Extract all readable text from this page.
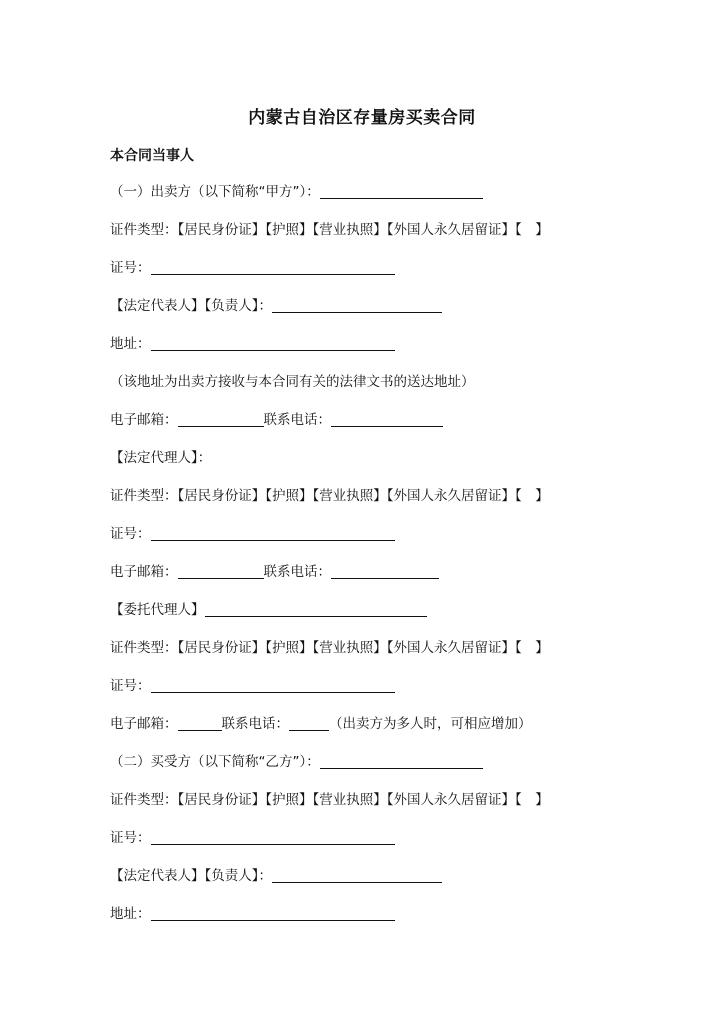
内蒙古自治区存量房买卖合同
本合同当事人
（一）出卖方（以下简称“甲方”）：
证件类型：【居民身份证】【护照】【营业执照】【外国人永久居留证】【　】
证号：
【法定代表人】【负责人】：
地址：
（该地址为出卖方接收与本合同有关的法律文书的送达地址）
电子邮箱：	联系电话：
【法定代理人】：
证件类型：【居民身份证】【护照】【营业执照】【外国人永久居留证】【　】
证号：
电子邮箱：	联系电话：
【委托代理人】
证件类型：【居民身份证】【护照】【营业执照】【外国人永久居留证】【　】
证号：
电子邮箱：	联系电话：	（出卖方为多人时，可相应增加）
（二）买受方（以下简称“乙方”）：
证件类型：【居民身份证】【护照】【营业执照】【外国人永久居留证】【　】
证号：
【法定代表人】【负责人】：
地址：
